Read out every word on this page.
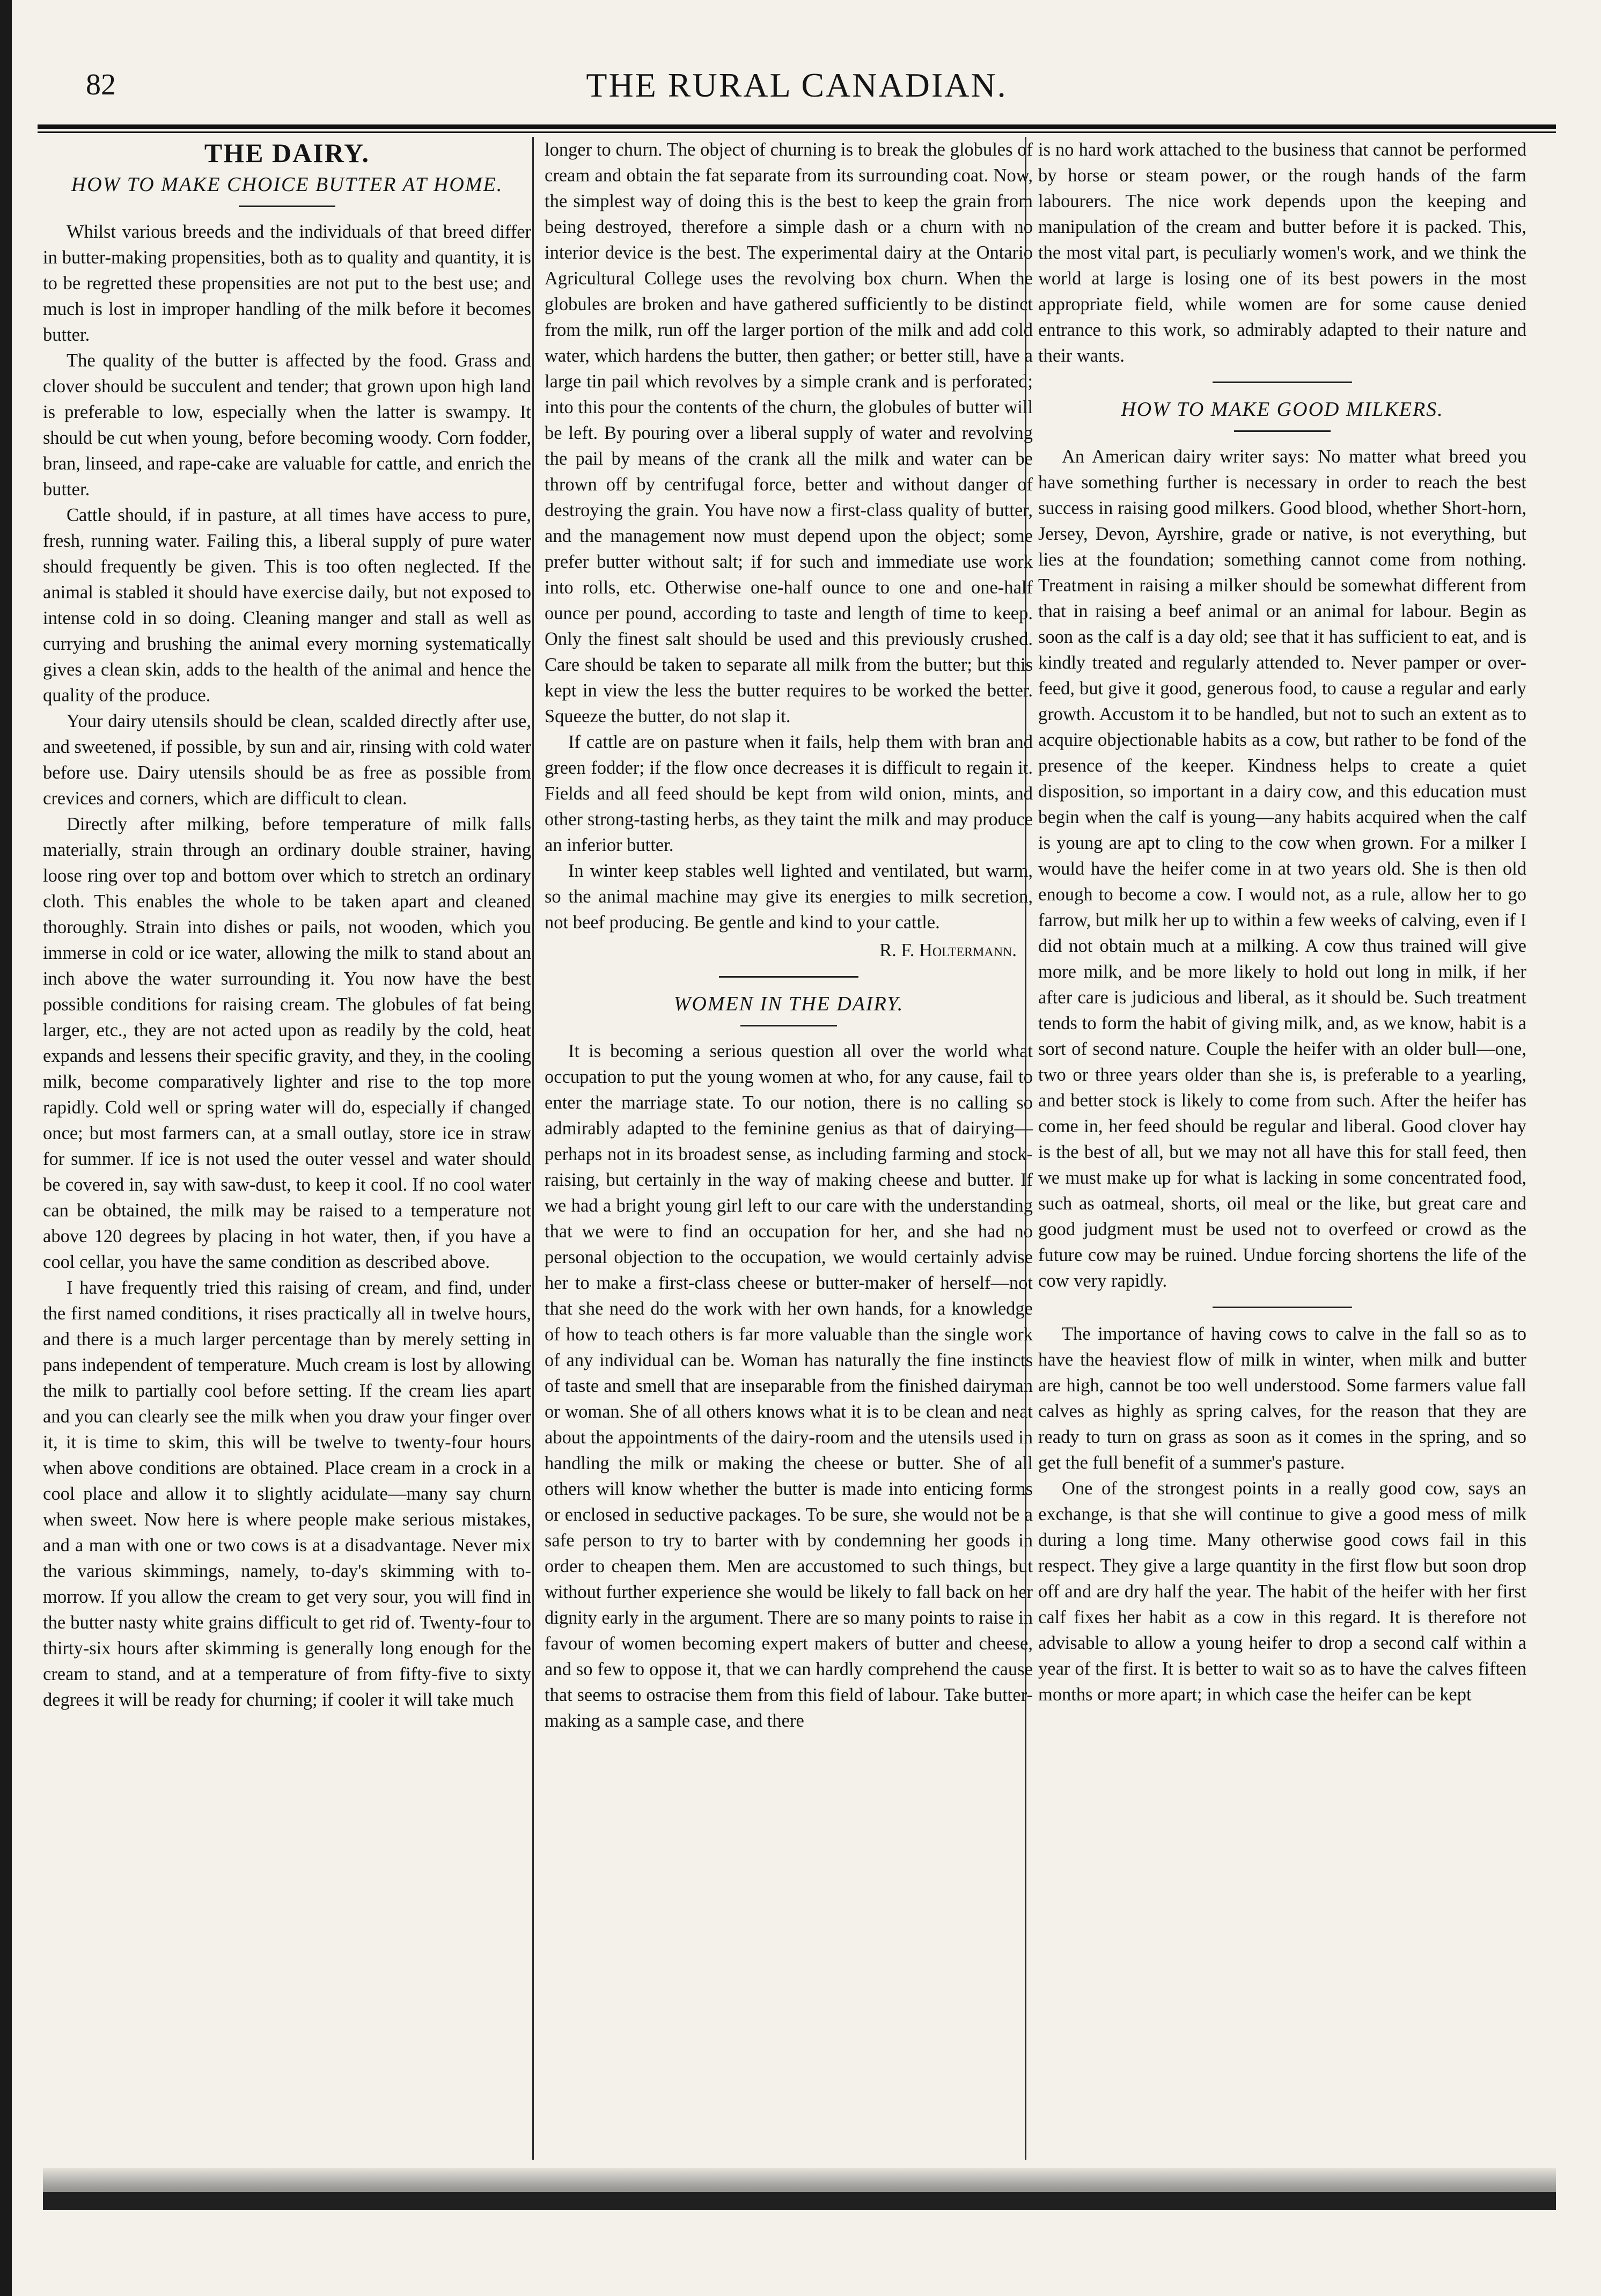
82	THE RURAL CANADIAN.
THE DAIRY.
HOW TO MAKE CHOICE BUTTER AT HOME.

Whilst various breeds and the individuals of that breed differ in butter-making propensities, both as to quality and quantity, it is to be regretted these propensities are not put to the best use; and much is lost in improper handling of the milk before it becomes butter.

The quality of the butter is affected by the food. Grass and clover should be succulent and tender; that grown upon high land is preferable to low, especially when the latter is swampy. It should be cut when young, before becoming woody. Corn fodder, bran, linseed, and rape-cake are valuable for cattle, and enrich the butter.

Cattle should, if in pasture, at all times have access to pure, fresh, running water. Failing this, a liberal supply of pure water should frequently be given. This is too often neglected. If the animal is stabled it should have exercise daily, but not exposed to intense cold in so doing. Cleaning manger and stall as well as currying and brushing the animal every morning systematically gives a clean skin, adds to the health of the animal and hence the quality of the produce.

Your dairy utensils should be clean, scalded directly after use, and sweetened, if possible, by sun and air, rinsing with cold water before use. Dairy utensils should be as free as possible from crevices and corners, which are difficult to clean.

Directly after milking, before temperature of milk falls materially, strain through an ordinary double strainer, having loose ring over top and bottom over which to stretch an ordinary cloth. This enables the whole to be taken apart and cleaned thoroughly. Strain into dishes or pails, not wooden, which you immerse in cold or ice water, allowing the milk to stand about an inch above the water surrounding it. You now have the best possible conditions for raising cream. The globules of fat being larger, etc., they are not acted upon as readily by the cold, heat expands and lessens their specific gravity, and they, in the cooling milk, become comparatively lighter and rise to the top more rapidly. Cold well or spring water will do, especially if changed once; but most farmers can, at a small outlay, store ice in straw for summer. If ice is not used the outer vessel and water should be covered in, say with saw-dust, to keep it cool. If no cool water can be obtained, the milk may be raised to a temperature not above 120 degrees by placing in hot water, then, if you have a cool cellar, you have the same condition as described above.

I have frequently tried this raising of cream, and find, under the first named conditions, it rises practically all in twelve hours, and there is a much larger percentage than by merely setting in pans independent of temperature. Much cream is lost by allowing the milk to partially cool before setting. If the cream lies apart and you can clearly see the milk when you draw your finger over it, it is time to skim, this will be twelve to twenty-four hours when above conditions are obtained. Place cream in a crock in a cool place and allow it to slightly acidulate—many say churn when sweet. Now here is where people make serious mistakes, and a man with one or two cows is at a disadvantage. Never mix the various skimmings, namely, to-day's skimming with to-morrow. If you allow the cream to get very sour, you will find in the butter nasty white grains difficult to get rid of. Twenty-four to thirty-six hours after skimming is generally long enough for the cream to stand, and at a temperature of from fifty-five to sixty degrees it will be ready for churning; if cooler it will take much

longer to churn. The object of churning is to break the globules of cream and obtain the fat separate from its surrounding coat. Now, the simplest way of doing this is the best to keep the grain from being destroyed, therefore a simple dash or a churn with no interior device is the best. The experimental dairy at the Ontario Agricultural College uses the revolving box churn. When the globules are broken and have gathered sufficiently to be distinct from the milk, run off the larger portion of the milk and add cold water, which hardens the butter, then gather; or better still, have a large tin pail which revolves by a simple crank and is perforated; into this pour the contents of the churn, the globules of butter will be left. By pouring over a liberal supply of water and revolving the pail by means of the crank all the milk and water can be thrown off by centrifugal force, better and without danger of destroying the grain. You have now a first-class quality of butter, and the management now must depend upon the object; some prefer butter without salt; if for such and immediate use work into rolls, etc. Otherwise one-half ounce to one and one-half ounce per pound, according to taste and length of time to keep. Only the finest salt should be used and this previously crushed. Care should be taken to separate all milk from the butter; but this kept in view the less the butter requires to be worked the better. Squeeze the butter, do not slap it.

If cattle are on pasture when it fails, help them with bran and green fodder; if the flow once decreases it is difficult to regain it. Fields and all feed should be kept from wild onion, mints, and other strong-tasting herbs, as they taint the milk and may produce an inferior butter.

In winter keep stables well lighted and ventilated, but warm, so the animal machine may give its energies to milk secretion, not beef producing. Be gentle and kind to your cattle.

R. F. Holtermann.
WOMEN IN THE DAIRY.

It is becoming a serious question all over the world what occupation to put the young women at who, for any cause, fail to enter the marriage state. To our notion, there is no calling so admirably adapted to the feminine genius as that of dairying—perhaps not in its broadest sense, as including farming and stock-raising, but certainly in the way of making cheese and butter. If we had a bright young girl left to our care with the understanding that we were to find an occupation for her, and she had no personal objection to the occupation, we would certainly advise her to make a first-class cheese or butter-maker of herself—not that she need do the work with her own hands, for a knowledge of how to teach others is far more valuable than the single work of any individual can be. Woman has naturally the fine instincts of taste and smell that are inseparable from the finished dairyman or woman. She of all others knows what it is to be clean and neat about the appointments of the dairy-room and the utensils used in handling the milk or making the cheese or butter. She of all others will know whether the butter is made into enticing forms or enclosed in seductive packages. To be sure, she would not be a safe person to try to barter with by condemning her goods in order to cheapen them. Men are accustomed to such things, but without further experience she would be likely to fall back on her dignity early in the argument. There are so many points to raise in favour of women becoming expert makers of butter and cheese, and so few to oppose it, that we can hardly comprehend the cause that seems to ostracise them from this field of labour. Take butter-making as a sample case, and there

is no hard work attached to the business that cannot be performed by horse or steam power, or the rough hands of the farm labourers. The nice work depends upon the keeping and manipulation of the cream and butter before it is packed. This, the most vital part, is peculiarly women's work, and we think the world at large is losing one of its best powers in the most appropriate field, while women are for some cause denied entrance to this work, so admirably adapted to their nature and their wants.

HOW TO MAKE GOOD MILKERS.

An American dairy writer says: No matter what breed you have something further is necessary in order to reach the best success in raising good milkers. Good blood, whether Short-horn, Jersey, Devon, Ayrshire, grade or native, is not everything, but lies at the foundation; something cannot come from nothing. Treatment in raising a milker should be somewhat different from that in raising a beef animal or an animal for labour. Begin as soon as the calf is a day old; see that it has sufficient to eat, and is kindly treated and regularly attended to. Never pamper or over-feed, but give it good, generous food, to cause a regular and early growth. Accustom it to be handled, but not to such an extent as to acquire objectionable habits as a cow, but rather to be fond of the presence of the keeper. Kindness helps to create a quiet disposition, so important in a dairy cow, and this education must begin when the calf is young—any habits acquired when the calf is young are apt to cling to the cow when grown. For a milker I would have the heifer come in at two years old. She is then old enough to become a cow. I would not, as a rule, allow her to go farrow, but milk her up to within a few weeks of calving, even if I did not obtain much at a milking. A cow thus trained will give more milk, and be more likely to hold out long in milk, if her after care is judicious and liberal, as it should be. Such treatment tends to form the habit of giving milk, and, as we know, habit is a sort of second nature. Couple the heifer with an older bull—one, two or three years older than she is, is preferable to a yearling, and better stock is likely to come from such. After the heifer has come in, her feed should be regular and liberal. Good clover hay is the best of all, but we may not all have this for stall feed, then we must make up for what is lacking in some concentrated food, such as oatmeal, shorts, oil meal or the like, but great care and good judgment must be used not to overfeed or crowd as the future cow may be ruined. Undue forcing shortens the life of the cow very rapidly.

The importance of having cows to calve in the fall so as to have the heaviest flow of milk in winter, when milk and butter are high, cannot be too well understood. Some farmers value fall calves as highly as spring calves, for the reason that they are ready to turn on grass as soon as it comes in the spring, and so get the full benefit of a summer's pasture.

One of the strongest points in a really good cow, says an exchange, is that she will continue to give a good mess of milk during a long time. Many otherwise good cows fail in this respect. They give a large quantity in the first flow but soon drop off and are dry half the year. The habit of the heifer with her first calf fixes her habit as a cow in this regard. It is therefore not advisable to allow a young heifer to drop a second calf within a year of the first. It is better to wait so as to have the calves fifteen months or more apart; in which case the heifer can be kept
